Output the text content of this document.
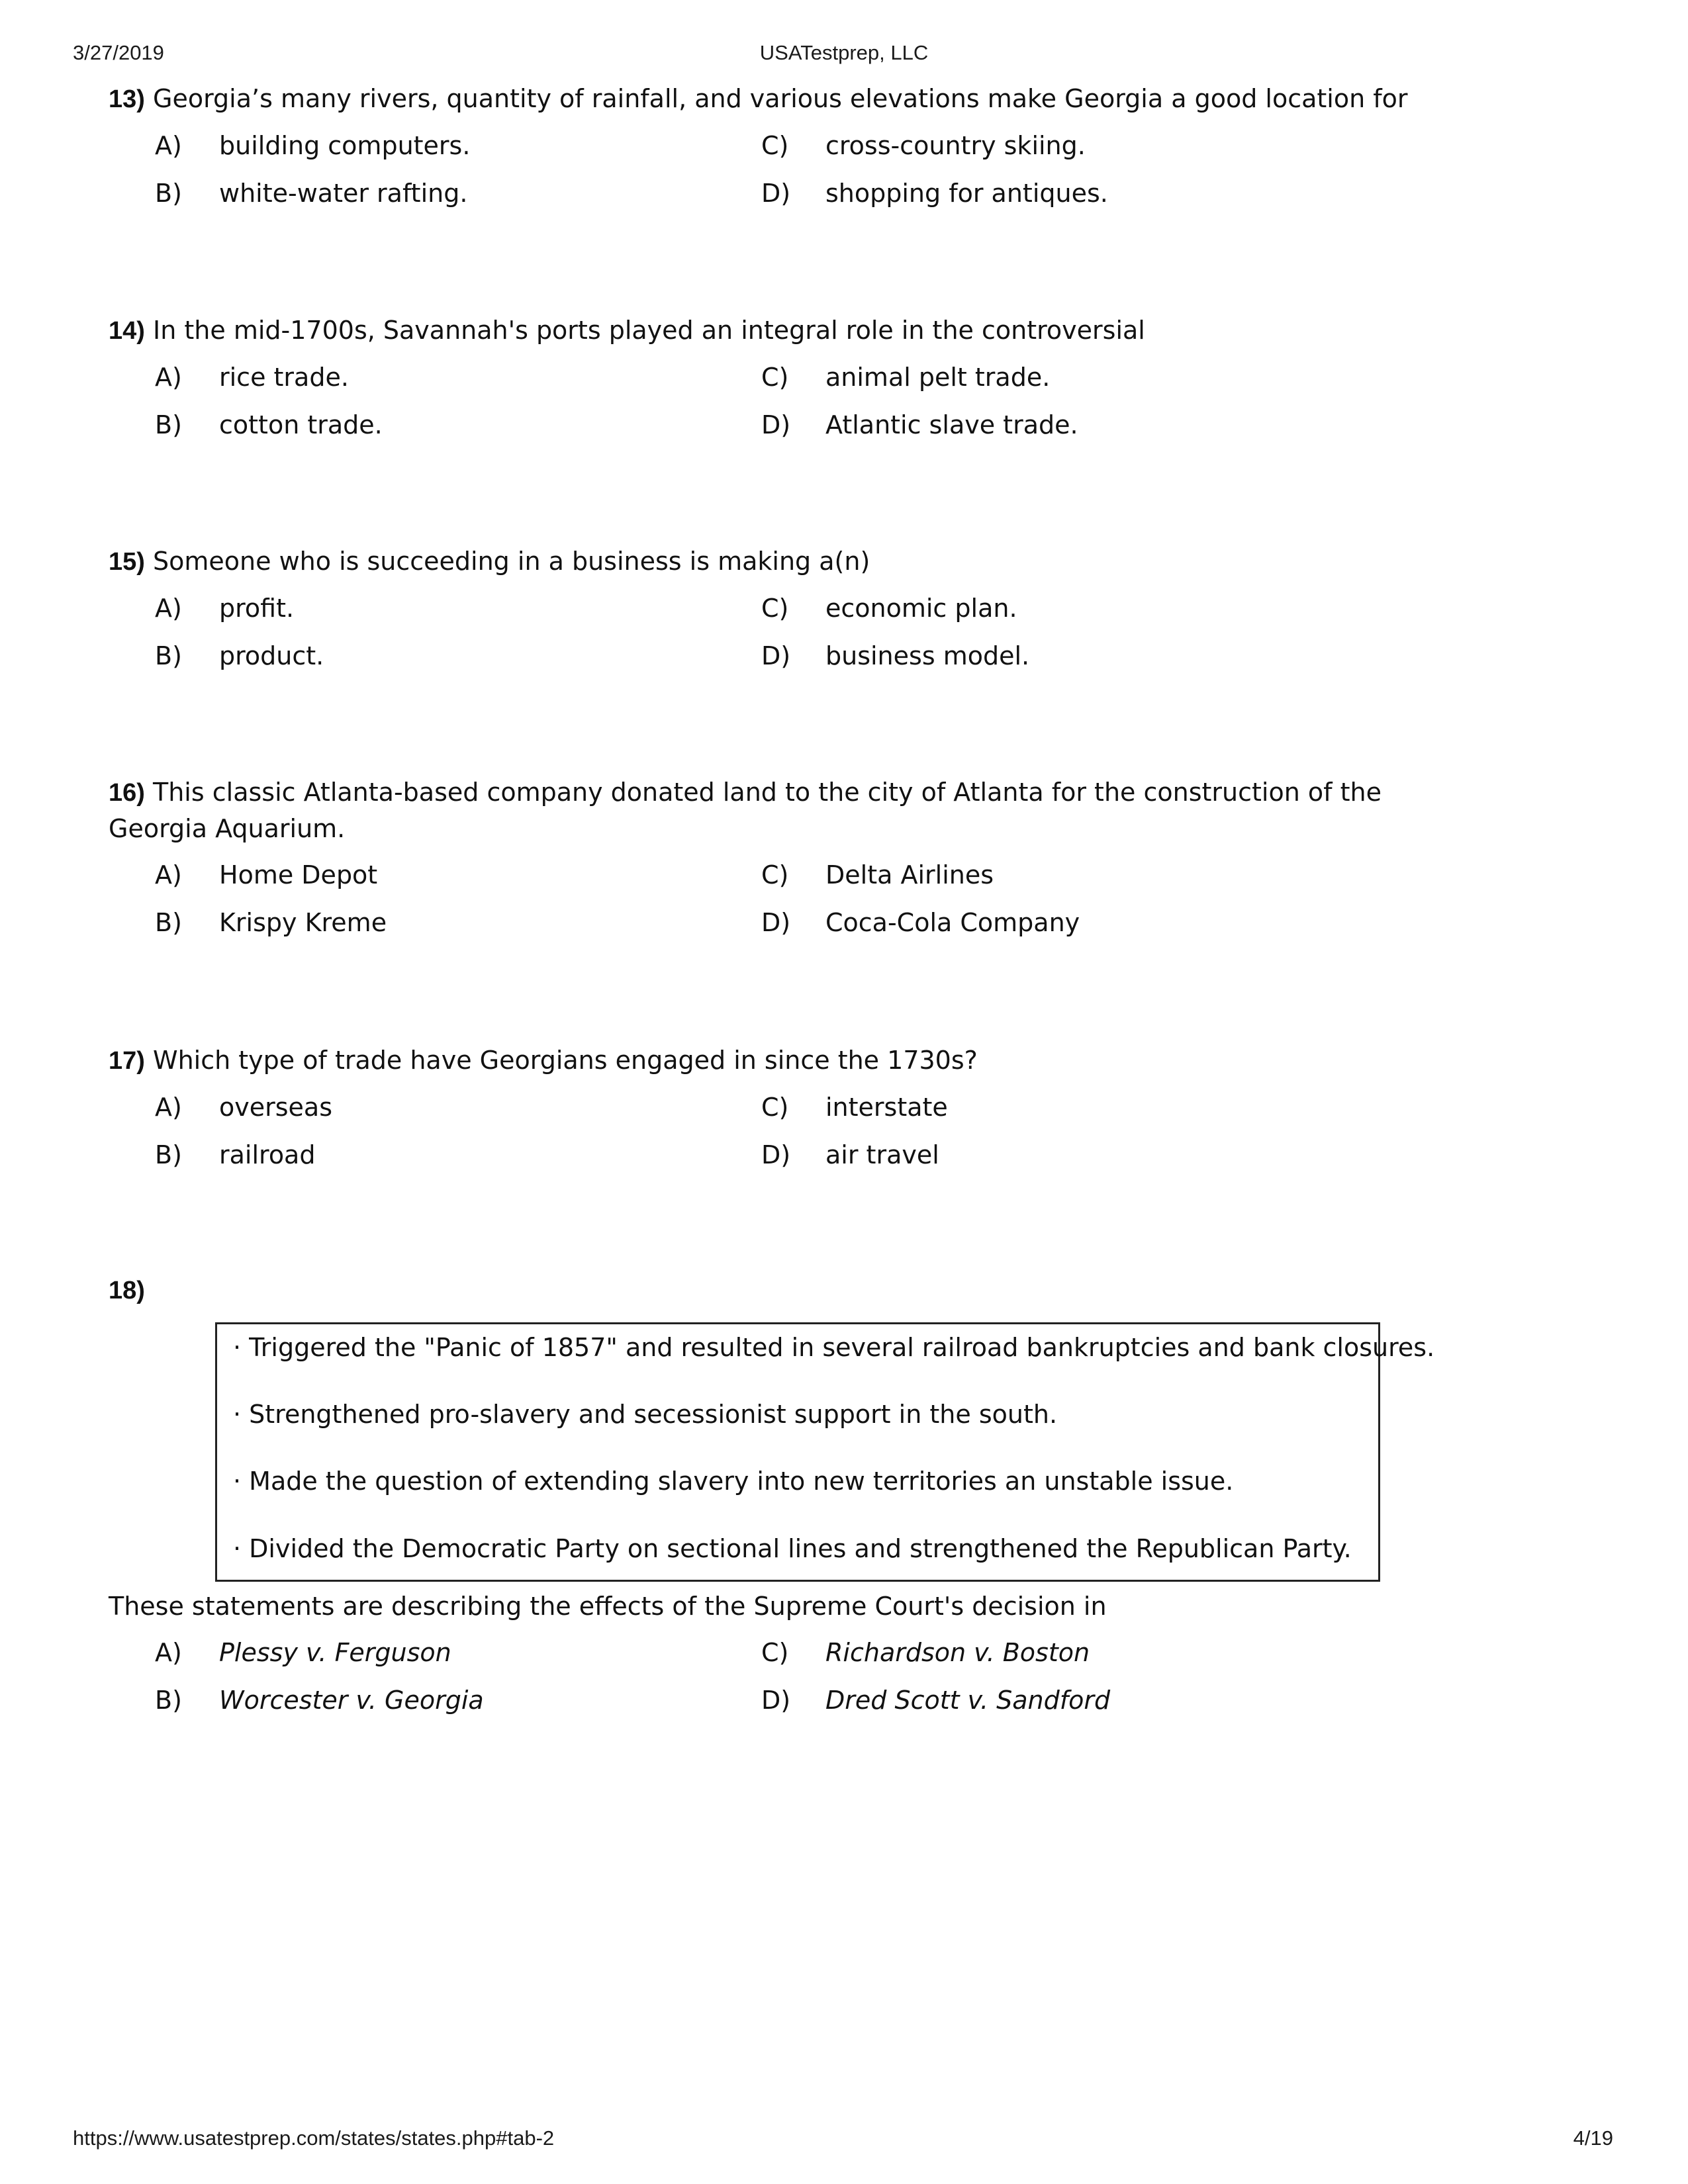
3/27/2019	USATestprep, LLC

13) Georgia’s many rivers, quantity of rainfall, and various elevations make Georgia a good location for

A) building computers.
B) white-water rafting.
C) cross-country skiing.
D) shopping for antiques.

14) In the mid-1700s, Savannah's ports played an integral role in the controversial

A) rice trade.
B) cotton trade.
C) animal pelt trade.
D) Atlantic slave trade.

15) Someone who is succeeding in a business is making a(n)

A) profit.
B) product.
C) economic plan.
D) business model.

16) This classic Atlanta-based company donated land to the city of Atlanta for the construction of the Georgia Aquarium.

A) Home Depot
B) Krispy Kreme
C) Delta Airlines
D) Coca-Cola Company

17) Which type of trade have Georgians engaged in since the 1730s?

A) overseas
B) railroad
C) interstate
D) air travel

18)

· Triggered the "Panic of 1857" and resulted in several railroad bankruptcies and bank closures.
· Strengthened pro-slavery and secessionist support in the south.
· Made the question of extending slavery into new territories an unstable issue.
· Divided the Democratic Party on sectional lines and strengthened the Republican Party.

These statements are describing the effects of the Supreme Court's decision in

A) Plessy v. Ferguson
B) Worcester v. Georgia
C) Richardson v. Boston
D) Dred Scott v. Sandford
https://www.usatestprep.com/states/states.php#tab-2	4/19
